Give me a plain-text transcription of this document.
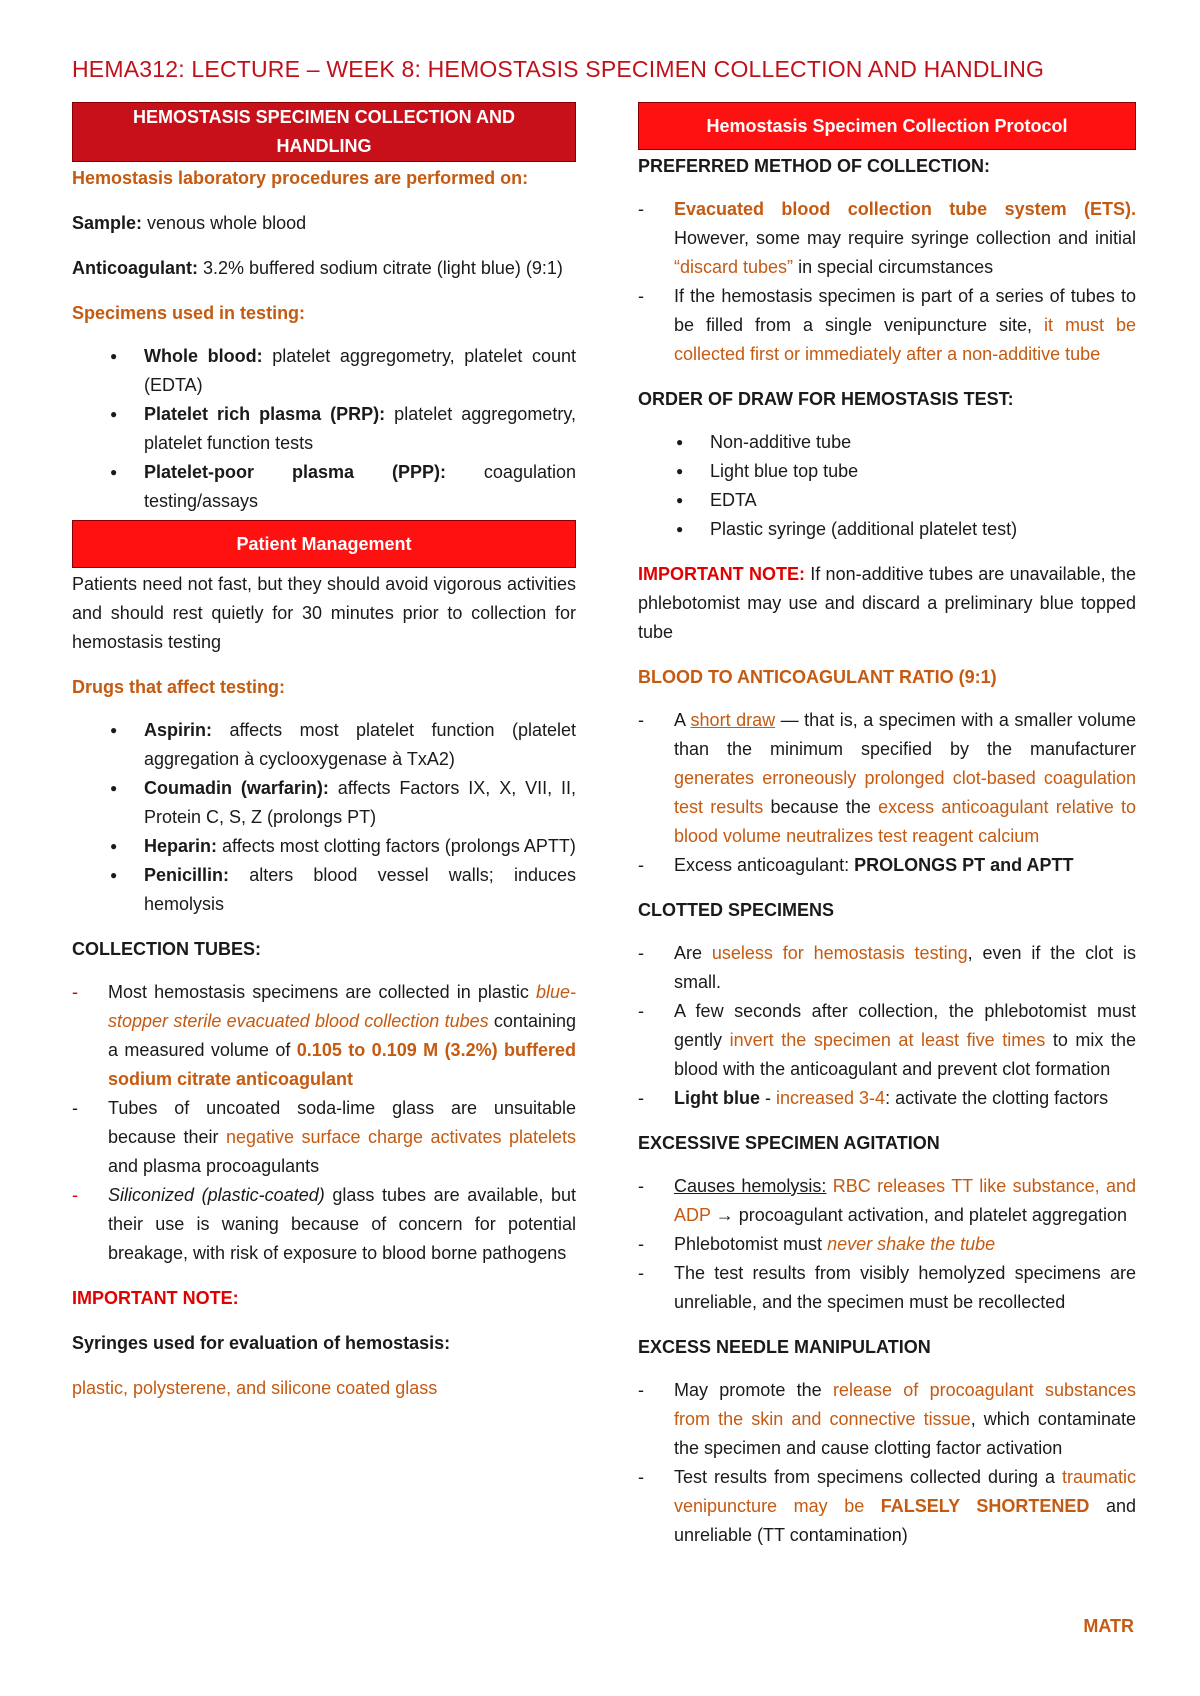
HEMA312: LECTURE – WEEK 8: HEMOSTASIS SPECIMEN COLLECTION AND HANDLING
HEMOSTASIS SPECIMEN COLLECTION AND
HANDLING

Hemostasis laboratory procedures are performed on:

Sample: venous whole blood

Anticoagulant: 3.2% buffered sodium citrate (light blue) (9:1)

Specimens used in testing:

● Whole blood: platelet aggregometry, platelet count (EDTA)
● Platelet rich plasma (PRP): platelet aggregometry, platelet function tests
● Platelet-poor plasma (PPP): coagulation testing/assays
Patient Management

Patients need not fast, but they should avoid vigorous activities and should rest quietly for 30 minutes prior to collection for hemostasis testing

Drugs that affect testing:

● Aspirin: affects most platelet function (platelet aggregation à cyclooxygenase à TxA2)
● Coumadin (warfarin): affects Factors IX, X, VII, II, Protein C, S, Z (prolongs PT)
● Heparin: affects most clotting factors (prolongs APTT)
● Penicillin: alters blood vessel walls; induces hemolysis

COLLECTION TUBES:

- Most hemostasis specimens are collected in plastic blue-stopper sterile evacuated blood collection tubes containing a measured volume of 0.105 to 0.109 M (3.2%) buffered sodium citrate anticoagulant
- Tubes of uncoated soda-lime glass are unsuitable because their negative surface charge activates platelets and plasma procoagulants
- Siliconized (plastic-coated) glass tubes are available, but their use is waning because of concern for potential breakage, with risk of exposure to blood borne pathogens

IMPORTANT NOTE:

Syringes used for evaluation of hemostasis:

plastic, polysterene, and silicone coated glass

Hemostasis Specimen Collection Protocol

PREFERRED METHOD OF COLLECTION:

- Evacuated blood collection tube system (ETS). However, some may require syringe collection and initial “discard tubes” in special circumstances
- If the hemostasis specimen is part of a series of tubes to be filled from a single venipuncture site, it must be collected first or immediately after a non-additive tube

ORDER OF DRAW FOR HEMOSTASIS TEST:

● Non-additive tube
● Light blue top tube
● EDTA
● Plastic syringe (additional platelet test)

IMPORTANT NOTE: If non-additive tubes are unavailable, the phlebotomist may use and discard a preliminary blue topped tube

BLOOD TO ANTICOAGULANT RATIO (9:1)

- A short draw — that is, a specimen with a smaller volume than the minimum specified by the manufacturer generates erroneously prolonged clot-based coagulation test results because the excess anticoagulant relative to blood volume neutralizes test reagent calcium
- Excess anticoagulant: PROLONGS PT and APTT

CLOTTED SPECIMENS

- Are useless for hemostasis testing, even if the clot is small.
- A few seconds after collection, the phlebotomist must gently invert the specimen at least five times to mix the blood with the anticoagulant and prevent clot formation
- Light blue - increased 3-4: activate the clotting factors

EXCESSIVE SPECIMEN AGITATION

- Causes hemolysis: RBC releases TT like substance, and ADP → procoagulant activation, and platelet aggregation
- Phlebotomist must never shake the tube
- The test results from visibly hemolyzed specimens are unreliable, and the specimen must be recollected

EXCESS NEEDLE MANIPULATION

- May promote the release of procoagulant substances from the skin and connective tissue, which contaminate the specimen and cause clotting factor activation
- Test results from specimens collected during a traumatic venipuncture may be FALSELY SHORTENED and unreliable (TT contamination)
MATR
